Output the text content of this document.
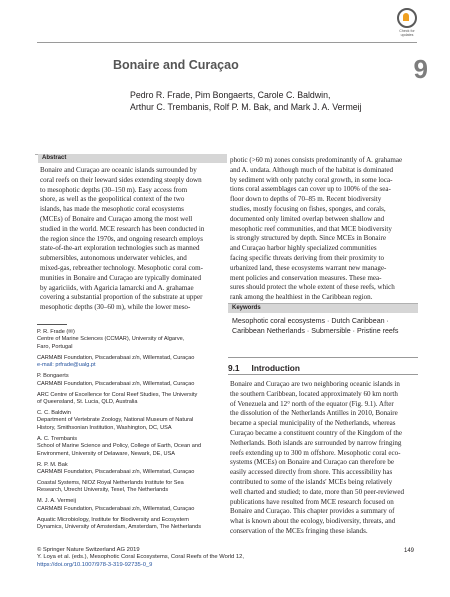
Check for
updates
9
Bonaire and Curaçao
Pedro R. Frade, Pim Bongaerts, Carole C. Baldwin,
Arthur C. Trembanis, Rolf P. M. Bak, and Mark J. A. Vermeij
Abstract
Bonaire and Curaçao are oceanic islands surrounded by
coral reefs on their leeward sides extending steeply down
to mesophotic depths (30–150 m). Easy access from
shore, as well as the geopolitical context of the two
islands, has made the mesophotic coral ecosystems
(MCEs) of Bonaire and Curaçao among the most well
studied in the world. MCE research has been conducted in
the region since the 1970s, and ongoing research employs
state-of-the-art exploration technologies such as manned
submersibles, autonomous underwater vehicles, and
mixed-gas, rebreather technology. Mesophotic coral com-
munities in Bonaire and Curaçao are typically dominated
by agariciids, with Agaricia lamarcki and A. grahamae
covering a substantial proportion of the substrate at upper
mesophotic depths (30–60 m), while the lower meso-
photic (>60 m) zones consists predominantly of A. grahamae
and A. undata. Although much of the habitat is dominated
by sediment with only patchy coral growth, in some loca-
tions coral assemblages can cover up to 100% of the sea-
floor down to depths of 70–85 m. Recent biodiversity
studies, mostly focusing on fishes, sponges, and corals,
documented only limited overlap between shallow and
mesophotic reef communities, and that MCE biodiversity
is strongly structured by depth. Since MCEs in Bonaire
and Curaçao harbor highly specialized communities
facing specific threats deriving from their proximity to
urbanized land, these ecosystems warrant new manage-
ment policies and conservation measures. These mea-
sures should protect the whole extent of these reefs, which
rank among the healthiest in the Caribbean region.
Keywords
Mesophotic coral ecosystems · Dutch Caribbean ·
Caribbean Netherlands · Submersible · Pristine reefs
P. R. Frade (✉)
Centre of Marine Sciences (CCMAR), University of Algarve,
Faro, Portugal
CARMABI Foundation, Piscaderabaai z/n, Willemstad, Curaçao
e-mail: prfrade@ualg.pt
P. Bongaerts
CARMABI Foundation, Piscaderabaai z/n, Willemstad, Curaçao
ARC Centre of Excellence for Coral Reef Studies, The University
of Queensland, St. Lucia, QLD, Australia
C. C. Baldwin
Department of Vertebrate Zoology, National Museum of Natural
History, Smithsonian Institution, Washington, DC, USA
A. C. Trembanis
School of Marine Science and Policy, College of Earth, Ocean and
Environment, University of Delaware, Newark, DE, USA
R. P. M. Bak
CARMABI Foundation, Piscaderabaai z/n, Willemstad, Curaçao
Coastal Systems, NIOZ Royal Netherlands Institute for Sea
Research, Utrecht University, Texel, The Netherlands
M. J. A. Vermeij
CARMABI Foundation, Piscaderabaai z/n, Willemstad, Curaçao
Aquatic Microbiology, Institute for Biodiversity and Ecosystem
Dynamics, University of Amsterdam, Amsterdam, The Netherlands
9.1 Introduction
Bonaire and Curaçao are two neighboring oceanic islands in
the southern Caribbean, located approximately 60 km north
of Venezuela and 12° north of the equator (Fig. 9.1). After
the dissolution of the Netherlands Antilles in 2010, Bonaire
became a special municipality of the Netherlands, whereas
Curaçao became a constituent country of the Kingdom of the
Netherlands. Both islands are surrounded by narrow fringing
reefs extending up to 300 m offshore. Mesophotic coral eco-
systems (MCEs) on Bonaire and Curaçao can therefore be
easily accessed directly from shore. This accessibility has
contributed to some of the islands' MCEs being relatively
well charted and studied; to date, more than 50 peer-reviewed
publications have resulted from MCE research focused on
Bonaire and Curaçao. This chapter provides a summary of
what is known about the ecology, biodiversity, threats, and
conservation of the MCEs fringing these islands.
© Springer Nature Switzerland AG 2019
Y. Loya et al. (eds.), Mesophotic Coral Ecosystems, Coral Reefs of the World 12,
https://doi.org/10.1007/978-3-319-92735-0_9
149
